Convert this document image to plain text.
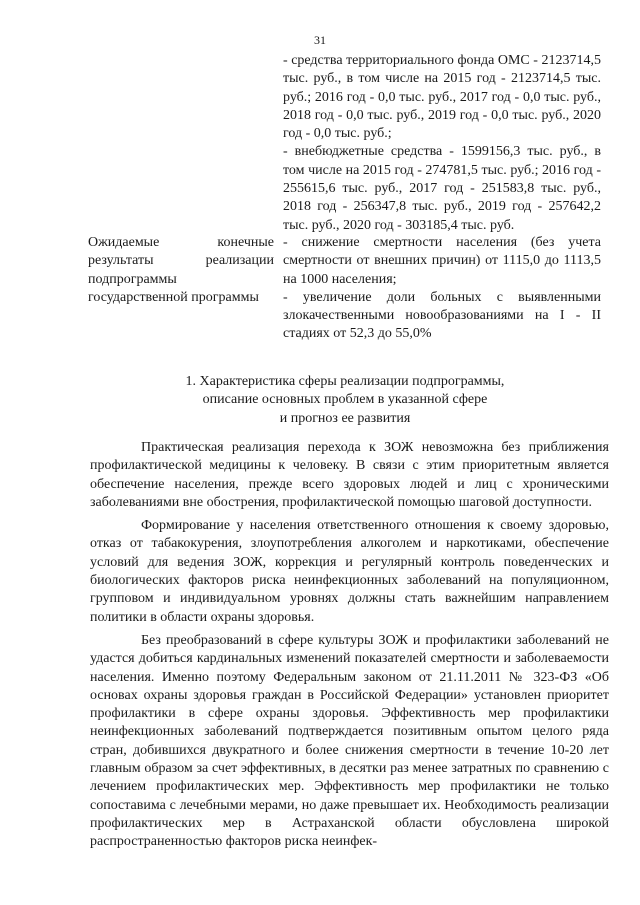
31

- средства территориального фонда ОМС - 2123714,5 тыс. руб., в том числе на 2015 год - 2123714,5 тыс. руб.; 2016 год - 0,0 тыс. руб., 2017 год - 0,0 тыс. руб., 2018 год - 0,0 тыс. руб., 2019 год - 0,0 тыс. руб., 2020 год - 0,0 тыс. руб.;

- внебюджетные средства - 1599156,3 тыс. руб., в том числе на 2015 год - 274781,5 тыс. руб.; 2016 год - 255615,6 тыс. руб., 2017 год - 251583,8 тыс. руб., 2018 год - 256347,8 тыс. руб., 2019 год - 257642,2 тыс. руб., 2020 год - 303185,4 тыс. руб.

Ожидаемые конечные результаты реализации подпрограммы государственной программы

- снижение смертности населения (без учета смертности от внешних причин) от 1115,0 до 1113,5 на 1000 населения;

- увеличение доли больных с выявленными злокачественными новообразованиями на I - II стадиях от 52,3 до 55,0%

1. Характеристика сферы реализации подпрограммы,
описание основных проблем в указанной сфере
и прогноз ее развития

Практическая реализация перехода к ЗОЖ невозможна без приближения профилактической медицины к человеку. В связи с этим приоритетным является обеспечение населения, прежде всего здоровых людей и лиц с хроническими заболеваниями вне обострения, профилактической помощью шаговой доступности.

Формирование у населения ответственного отношения к своему здоровью, отказ от табакокурения, злоупотребления алкоголем и наркотиками, обеспечение условий для ведения ЗОЖ, коррекция и регулярный контроль поведенческих и биологических факторов риска неинфекционных заболеваний на популяционном, групповом и индивидуальном уровнях должны стать важнейшим направлением политики в области охраны здоровья.

Без преобразований в сфере культуры ЗОЖ и профилактики заболеваний не удастся добиться кардинальных изменений показателей смертности и заболеваемости населения. Именно поэтому Федеральным законом от 21.11.2011 № 323-ФЗ «Об основах охраны здоровья граждан в Российской Федерации» установлен приоритет профилактики в сфере охраны здоровья. Эффективность мер профилактики неинфекционных заболеваний подтверждается позитивным опытом целого ряда стран, добившихся двукратного и более снижения смертности в течение 10-20 лет главным образом за счет эффективных, в десятки раз менее затратных по сравнению с лечением профилактических мер. Эффективность мер профилактики не только сопоставима с лечебными мерами, но даже превышает их. Необходимость реализации профилактических мер в Астраханской области обусловлена широкой распространенностью факторов риска неинфек-
